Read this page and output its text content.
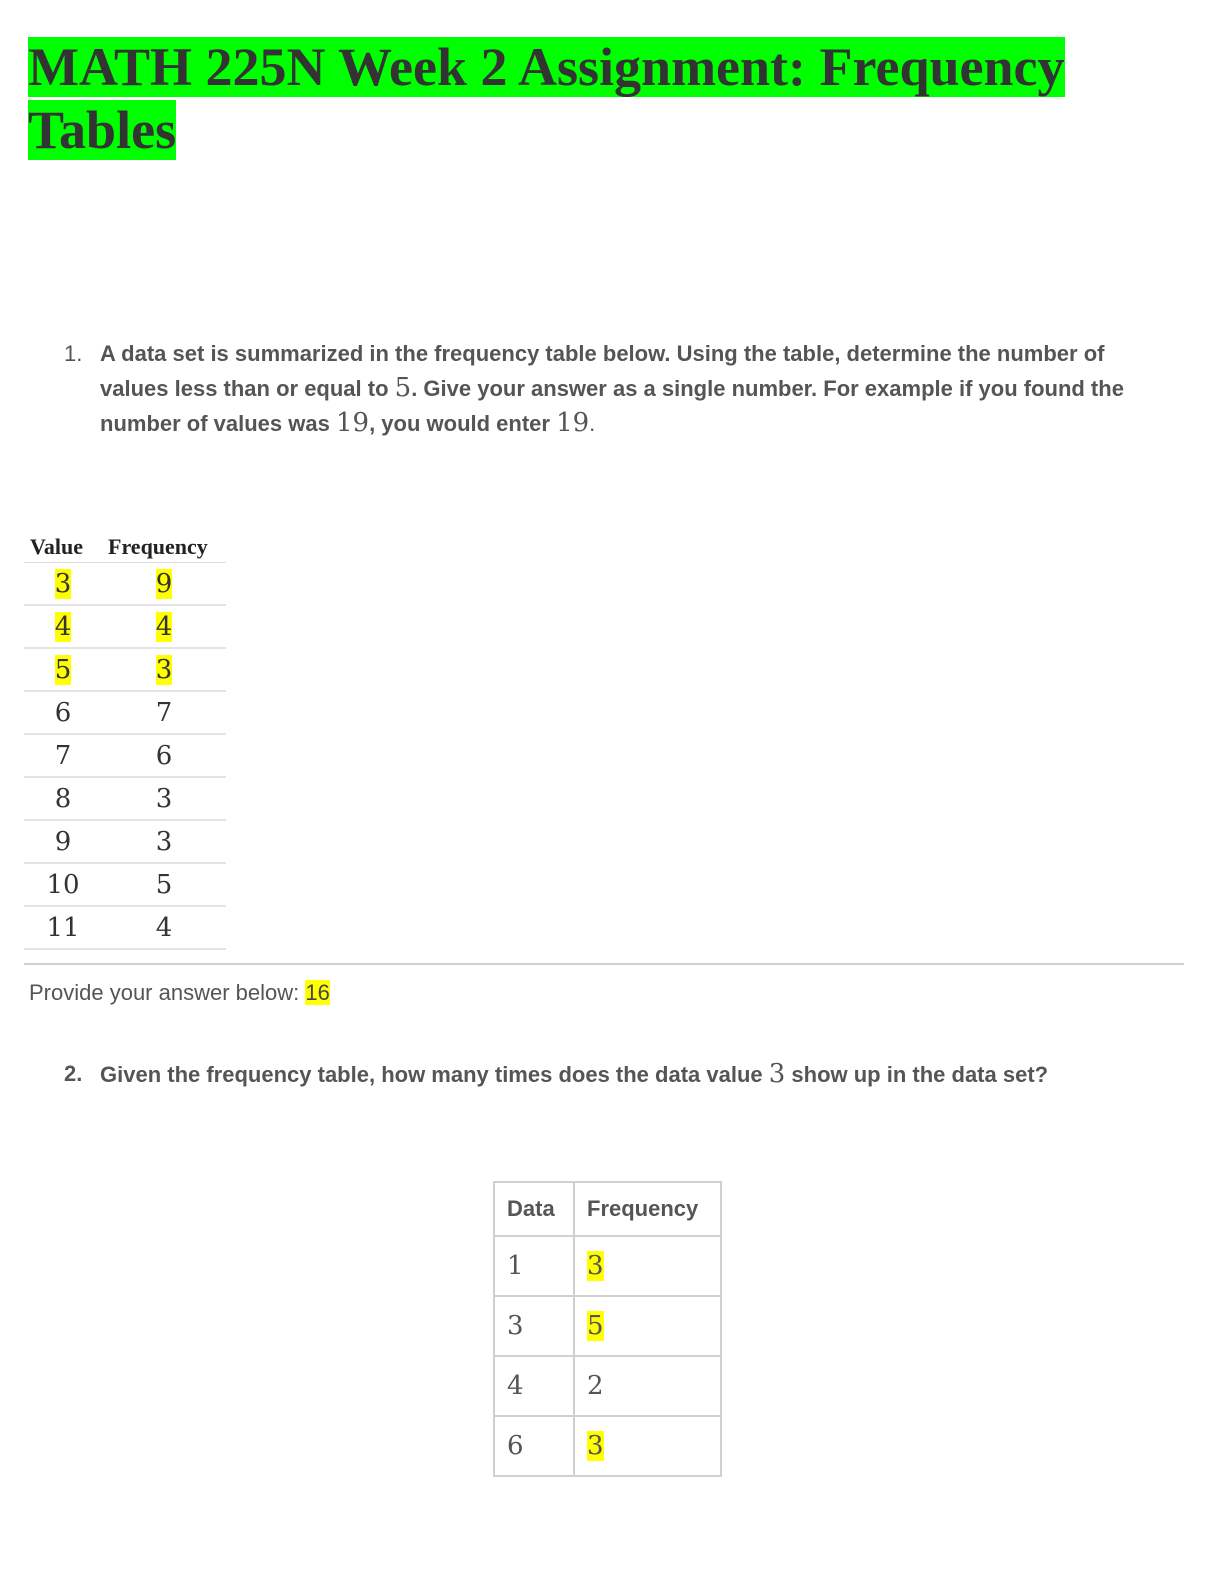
MATH 225N Week 2 Assignment: Frequency Tables
1. A data set is summarized in the frequency table below. Using the table, determine the number of values less than or equal to 5. Give your answer as a single number. For example if you found the number of values was 19, you would enter 19.
Value	Frequency
3	9
4	4
5	3
6	7
7	6
8	3
9	3
10	5
11	4
Provide your answer below: 16
2. Given the frequency table, how many times does the data value 3 show up in the data set?
Data	Frequency
1	3
3	5
4	2
6	3
